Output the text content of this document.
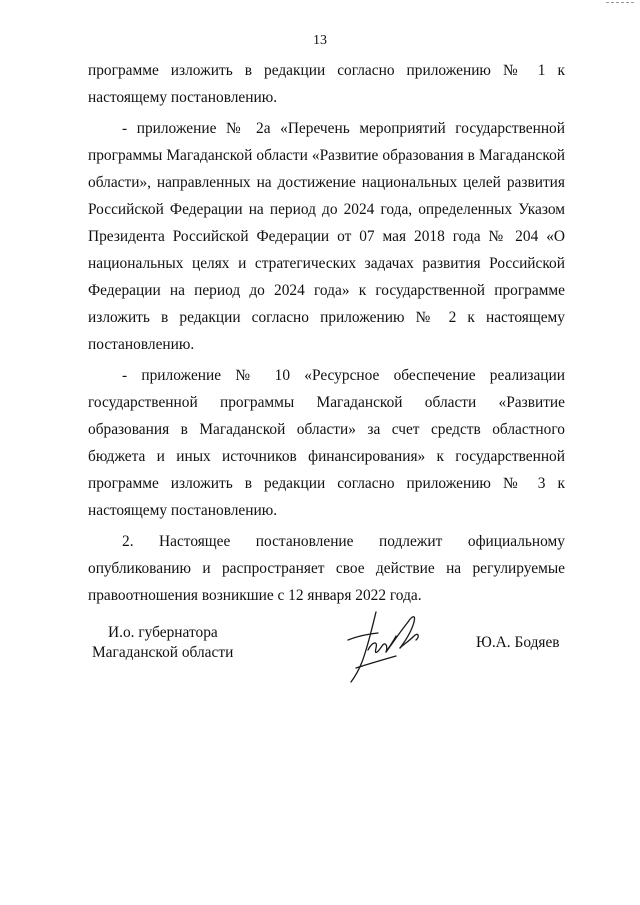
13

программе изложить в редакции согласно приложению № 1 к настоящему постановлению.

- приложение № 2а «Перечень мероприятий государственной программы Магаданской области «Развитие образования в Магаданской области», направленных на достижение национальных целей развития Российской Федерации на период до 2024 года, определенных Указом Президента Российской Федерации от 07 мая 2018 года № 204 «О национальных целях и стратегических задачах развития Российской Федерации на период до 2024 года» к государственной программе изложить в редакции согласно приложению № 2 к настоящему постановлению.

- приложение № 10 «Ресурсное обеспечение реализации государственной программы Магаданской области «Развитие образования в Магаданской области» за счет средств областного бюджета и иных источников финансирования» к государственной программе изложить в редакции согласно приложению № 3 к настоящему постановлению.

2. Настоящее постановление подлежит официальному опубликованию и распространяет свое действие на регулируемые правоотношения возникшие с 12 января 2022 года.

И.о. губернатора
Магаданской области
Ю.А. Бодяев
